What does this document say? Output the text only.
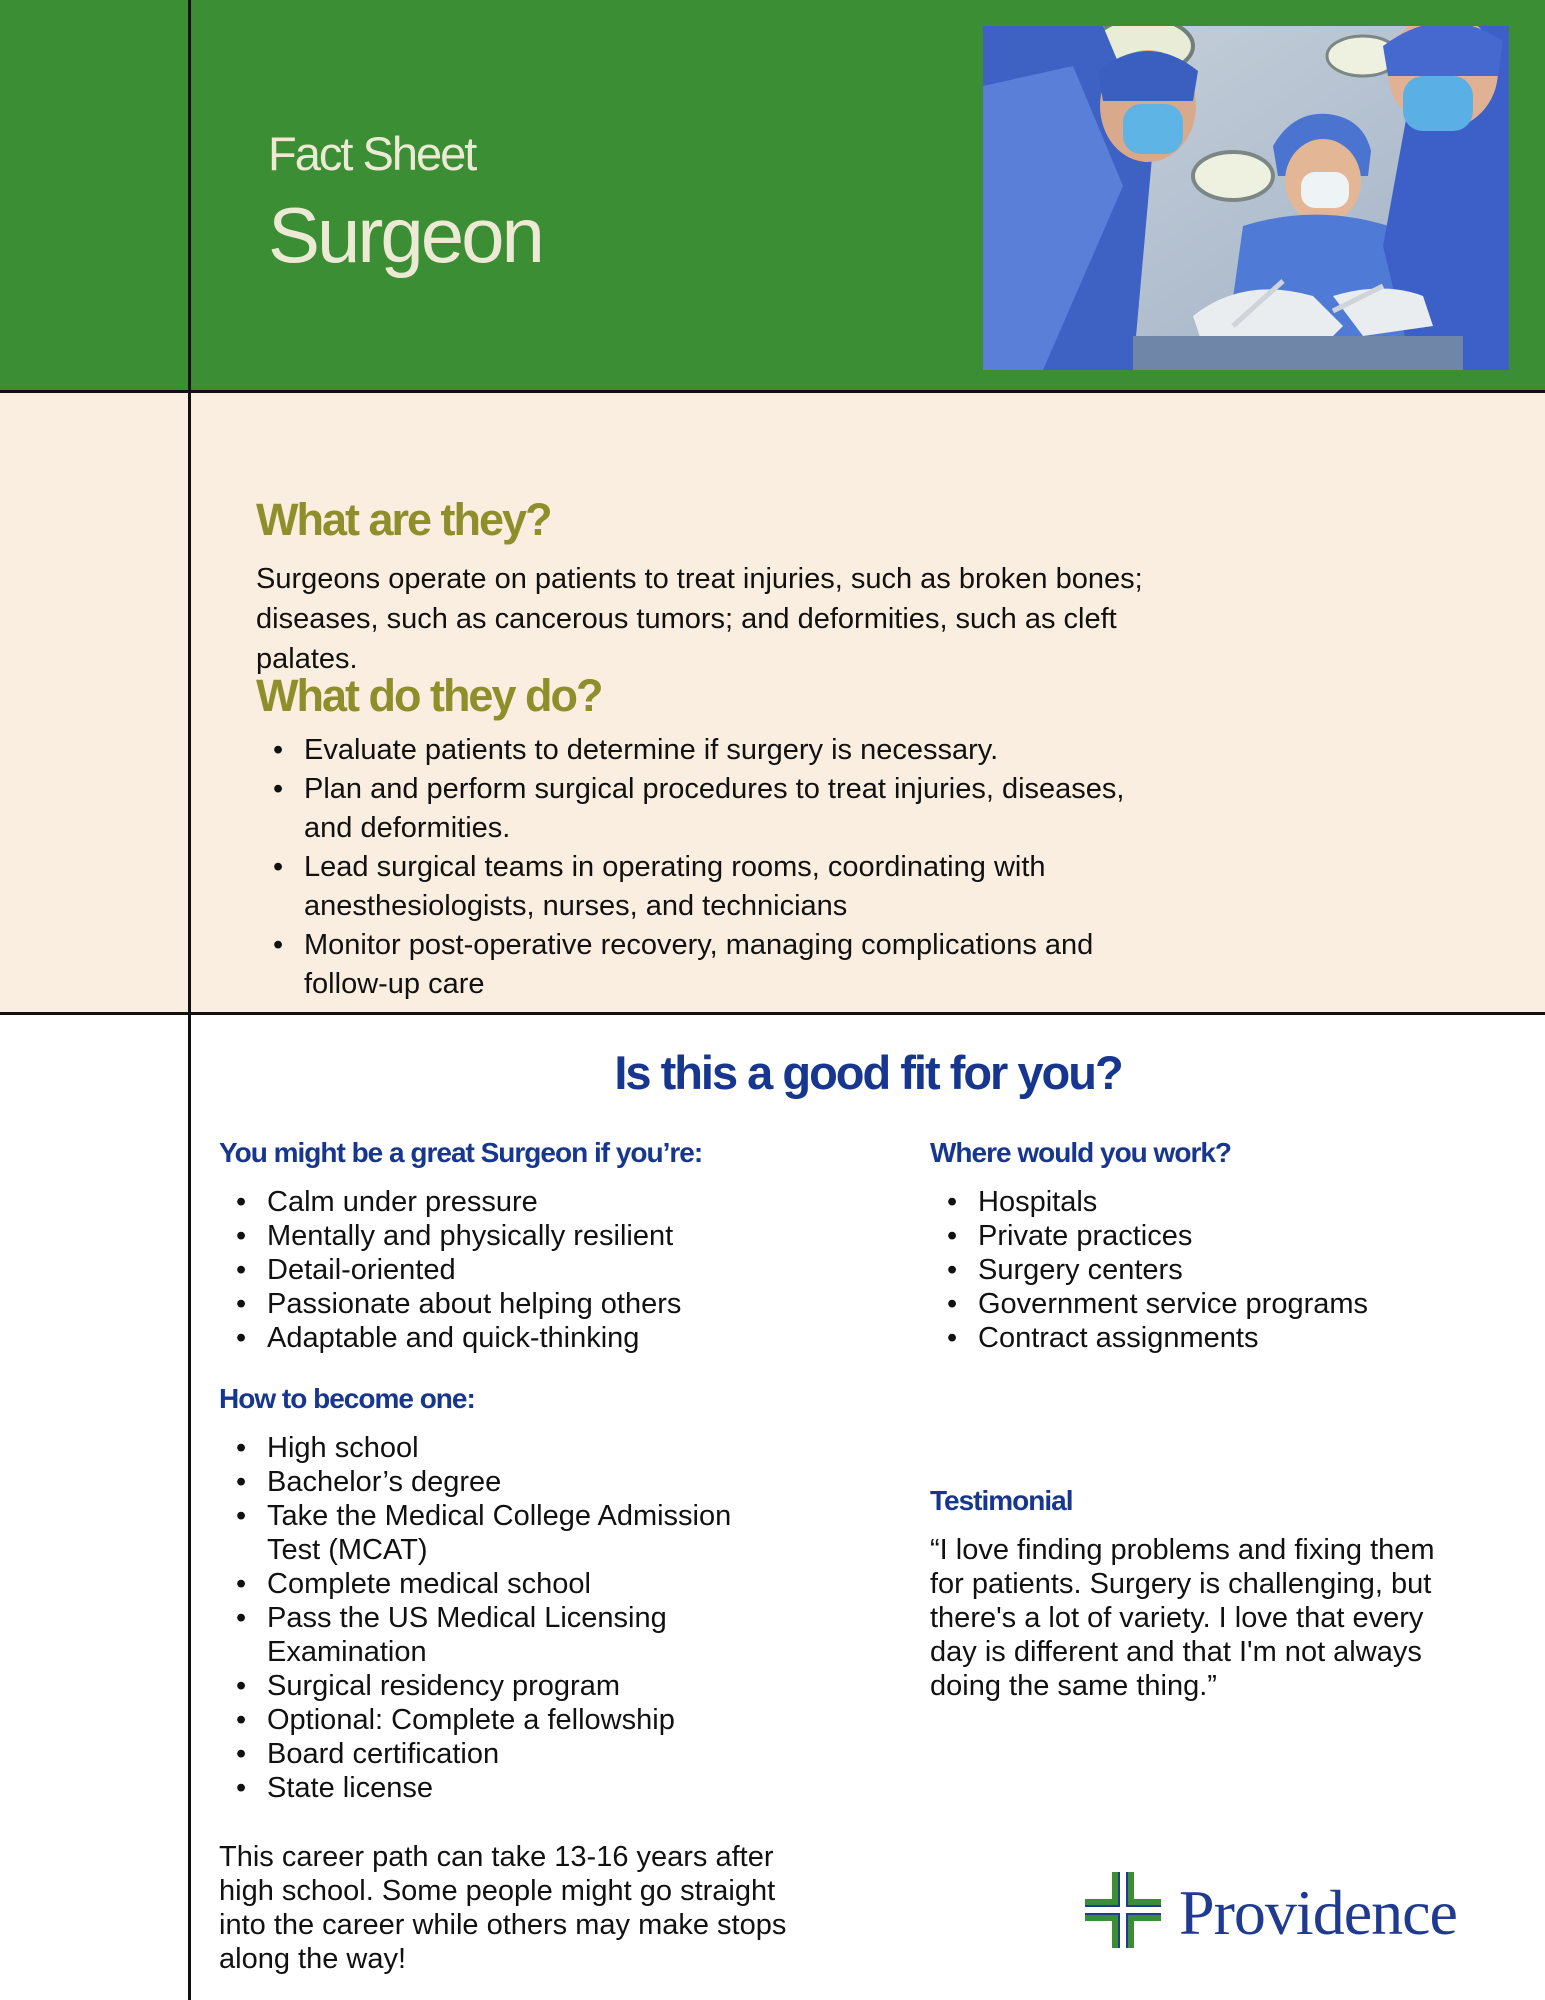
Fact Sheet
Surgeon
What are they?

Surgeons operate on patients to treat injuries, such as broken bones;
diseases, such as cancerous tumors; and deformities, such as cleft
palates.

What do they do?
• Evaluate patients to determine if surgery is necessary.
• Plan and perform surgical procedures to treat injuries, diseases,
and deformities.
• Lead surgical teams in operating rooms, coordinating with
anesthesiologists, nurses, and technicians
• Monitor post-operative recovery, managing complications and
follow-up care
Is this a good fit for you?
You might be a great Surgeon if you’re:
• Calm under pressure
• Mentally and physically resilient
• Detail-oriented
• Passionate about helping others
• Adaptable and quick-thinking
How to become one:
• High school
• Bachelor’s degree
• Take the Medical College Admission
Test (MCAT)
• Complete medical school
• Pass the US Medical Licensing
Examination
• Surgical residency program
• Optional: Complete a fellowship
• Board certification
• State license

This career path can take 13-16 years after
high school. Some people might go straight
into the career while others may make stops
along the way!

Where would you work?
• Hospitals
• Private practices
• Surgery centers
• Government service programs
• Contract assignments
Testimonial

“I love finding problems and fixing them
for patients. Surgery is challenging, but
there's a lot of variety. I love that every
day is different and that I'm not always
doing the same thing.”

Providence
